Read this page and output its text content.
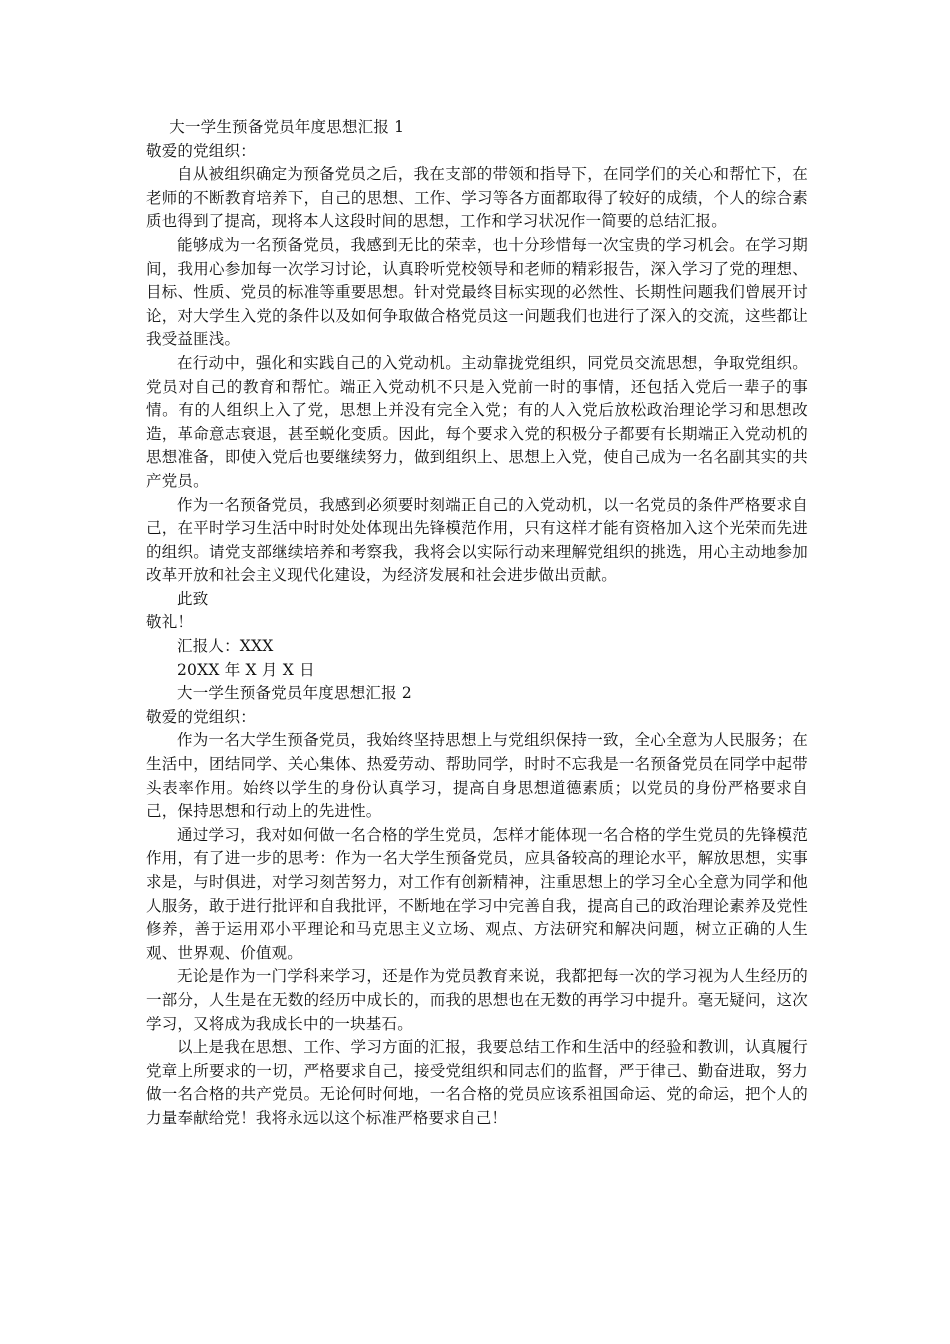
大一学生预备党员年度思想汇报 1

敬爱的党组织：

自从被组织确定为预备党员之后，我在支部的带领和指导下，在同学们的关心和帮忙下，在老师的不断教育培养下，自己的思想、工作、学习等各方面都取得了较好的成绩，个人的综合素质也得到了提高，现将本人这段时间的思想，工作和学习状况作一简要的总结汇报。

能够成为一名预备党员，我感到无比的荣幸，也十分珍惜每一次宝贵的学习机会。在学习期间，我用心参加每一次学习讨论，认真聆听党校领导和老师的精彩报告，深入学习了党的理想、目标、性质、党员的标准等重要思想。针对党最终目标实现的必然性、长期性问题我们曾展开讨论，对大学生入党的条件以及如何争取做合格党员这一问题我们也进行了深入的交流，这些都让我受益匪浅。

在行动中，强化和实践自己的入党动机。主动靠拢党组织，同党员交流思想，争取党组织。党员对自己的教育和帮忙。端正入党动机不只是入党前一时的事情，还包括入党后一辈子的事情。有的人组织上入了党，思想上并没有完全入党；有的人入党后放松政治理论学习和思想改造，革命意志衰退，甚至蜕化变质。因此，每个要求入党的积极分子都要有长期端正入党动机的思想准备，即使入党后也要继续努力，做到组织上、思想上入党，使自己成为一名名副其实的共产党员。

作为一名预备党员，我感到必须要时刻端正自己的入党动机，以一名党员的条件严格要求自己，在平时学习生活中时时处处体现出先锋模范作用，只有这样才能有资格加入这个光荣而先进的组织。请党支部继续培养和考察我，我将会以实际行动来理解党组织的挑选，用心主动地参加改革开放和社会主义现代化建设，为经济发展和社会进步做出贡献。

此致

敬礼！

汇报人：XXX

20XX 年 X 月 X 日

大一学生预备党员年度思想汇报 2

敬爱的党组织：

作为一名大学生预备党员，我始终坚持思想上与党组织保持一致，全心全意为人民服务；在生活中，团结同学、关心集体、热爱劳动、帮助同学，时时不忘我是一名预备党员在同学中起带头表率作用。始终以学生的身份认真学习，提高自身思想道德素质；以党员的身份严格要求自己，保持思想和行动上的先进性。

通过学习，我对如何做一名合格的学生党员，怎样才能体现一名合格的学生党员的先锋模范作用，有了进一步的思考：作为一名大学生预备党员，应具备较高的理论水平，解放思想，实事求是，与时俱进，对学习刻苦努力，对工作有创新精神，注重思想上的学习全心全意为同学和他人服务，敢于进行批评和自我批评，不断地在学习中完善自我，提高自己的政治理论素养及党性修养，善于运用邓小平理论和马克思主义立场、观点、方法研究和解决问题，树立正确的人生观、世界观、价值观。

无论是作为一门学科来学习，还是作为党员教育来说，我都把每一次的学习视为人生经历的一部分，人生是在无数的经历中成长的，而我的思想也在无数的再学习中提升。毫无疑问，这次学习，又将成为我成长中的一块基石。

以上是我在思想、工作、学习方面的汇报，我要总结工作和生活中的经验和教训，认真履行党章上所要求的一切，严格要求自己，接受党组织和同志们的监督，严于律己、勤奋进取，努力做一名合格的共产党员。无论何时何地，一名合格的党员应该系祖国命运、党的命运，把个人的力量奉献给党！我将永远以这个标准严格要求自己！
